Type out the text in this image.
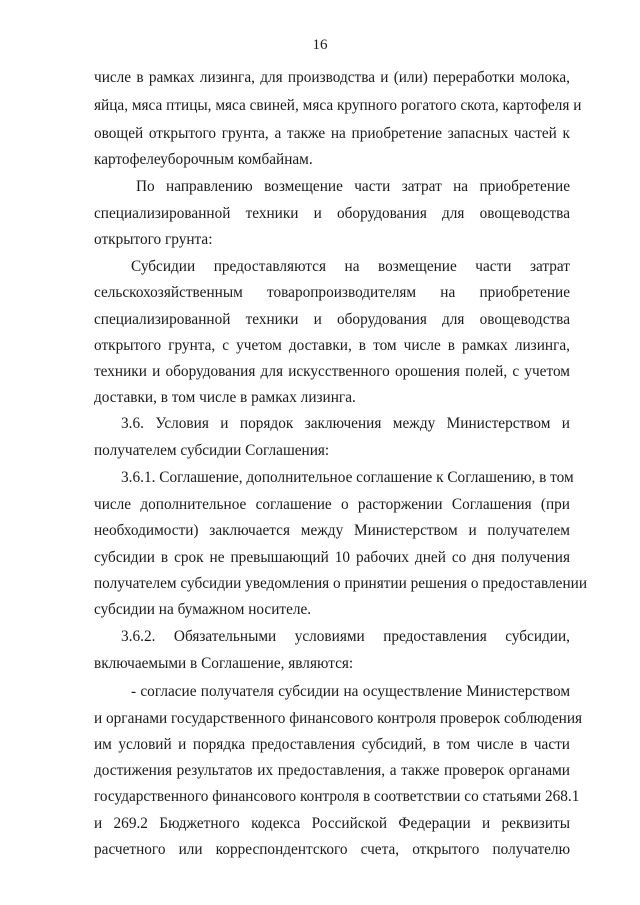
16
числе в рамках лизинга, для производства и (или) переработки молока,
яйца, мяса птицы, мяса свиней, мяса крупного рогатого скота, картофеля и
овощей открытого грунта, а также на приобретение запасных частей к
картофелеуборочным комбайнам.
По направлению возмещение части затрат на приобретение
специализированной техники и оборудования для овощеводства
открытого грунта:
Субсидии предоставляются на возмещение части затрат
сельскохозяйственным товаропроизводителям на приобретение
специализированной техники и оборудования для овощеводства
открытого грунта, с учетом доставки, в том числе в рамках лизинга,
техники и оборудования для искусственного орошения полей, с учетом
доставки, в том числе в рамках лизинга.
3.6. Условия и порядок заключения между Министерством и
получателем субсидии Соглашения:
3.6.1. Соглашение, дополнительное соглашение к Соглашению, в том
числе дополнительное соглашение о расторжении Соглашения (при
необходимости) заключается между Министерством и получателем
субсидии в срок не превышающий 10 рабочих дней со дня получения
получателем субсидии уведомления о принятии решения о предоставлении
субсидии на бумажном носителе.
3.6.2. Обязательными условиями предоставления субсидии,
включаемыми в Соглашение, являются:
- согласие получателя субсидии на осуществление Министерством
и органами государственного финансового контроля проверок соблюдения
им условий и порядка предоставления субсидий, в том числе в части
достижения результатов их предоставления, а также проверок органами
государственного финансового контроля в соответствии со статьями 268.1
и 269.2 Бюджетного кодекса Российской Федерации и реквизиты
расчетного или корреспондентского счета, открытого получателю
